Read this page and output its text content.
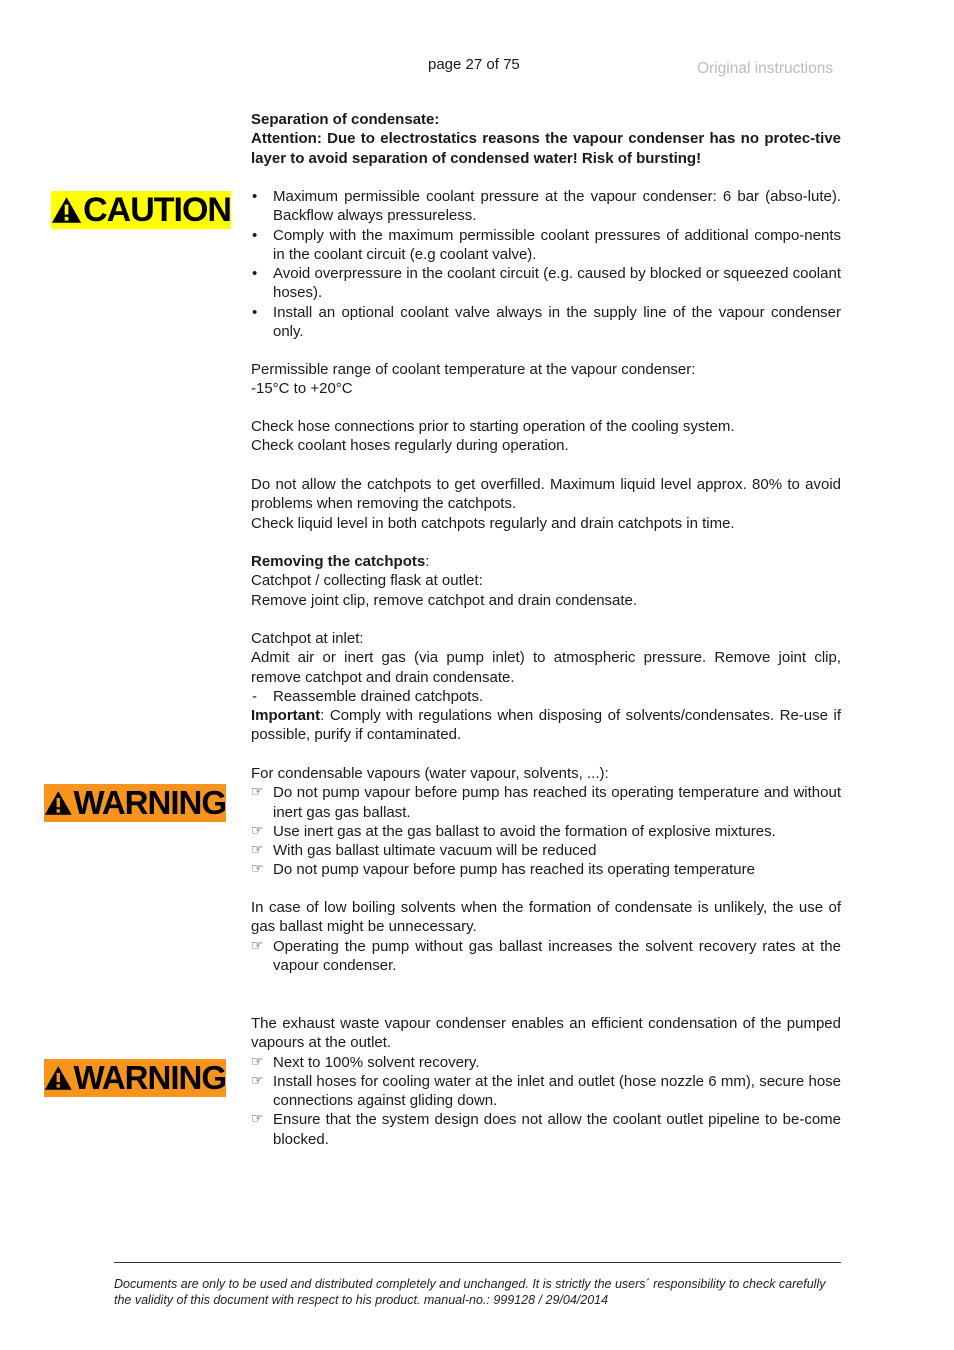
page 27 of 75	Original instructions
CAUTION
WARNING
WARNING

Separation of condensate:

Attention: Due to electrostatics reasons the vapour condenser has no protec-tive layer to avoid separation of condensed water! Risk of bursting!

•	Maximum permissible coolant pressure at the vapour condenser: 6 bar (abso-lute). Backflow always pressureless.
•	Comply with the maximum permissible coolant pressures of additional compo-nents in the coolant circuit (e.g coolant valve).
•	Avoid overpressure in the coolant circuit (e.g. caused by blocked or squeezed coolant hoses).
•	Install an optional coolant valve always in the supply line of the vapour condenser only.

Permissible range of coolant temperature at the vapour condenser:

-15°C to +20°C

Check hose connections prior to starting operation of the cooling system.

Check coolant hoses regularly during operation.

Do not allow the catchpots to get overfilled. Maximum liquid level approx. 80% to avoid problems when removing the catchpots.

Check liquid level in both catchpots regularly and drain catchpots in time.

Removing the catchpots:

Catchpot / collecting flask at outlet:

Remove joint clip, remove catchpot and drain condensate.

Catchpot at inlet:

Admit air or inert gas (via pump inlet) to atmospheric pressure. Remove joint clip, remove catchpot and drain condensate.

-	Reassemble drained catchpots.

Important: Comply with regulations when disposing of solvents/condensates. Re-use if possible, purify if contaminated.

For condensable vapours (water vapour, solvents, ...):

☞ Do not pump vapour before pump has reached its operating temperature and without inert gas gas ballast.
☞ Use inert gas at the gas ballast to avoid the formation of explosive mixtures.
☞ With gas ballast ultimate vacuum will be reduced
☞ Do not pump vapour before pump has reached its operating temperature

In case of low boiling solvents when the formation of condensate is unlikely, the use of gas ballast might be unnecessary.

☞ Operating the pump without gas ballast increases the solvent recovery rates at the vapour condenser.

The exhaust waste vapour condenser enables an efficient condensation of the pumped vapours at the outlet.

☞ Next to 100% solvent recovery.
☞ Install hoses for cooling water at the inlet and outlet (hose nozzle 6 mm), secure hose connections against gliding down.
☞ Ensure that the system design does not allow the coolant outlet pipeline to be-come blocked.
Documents are only to be used and distributed completely and unchanged. It is strictly the users´ responsibility to check carefully
the validity of this document with respect to his product. manual-no.: 999128 / 29/04/2014
